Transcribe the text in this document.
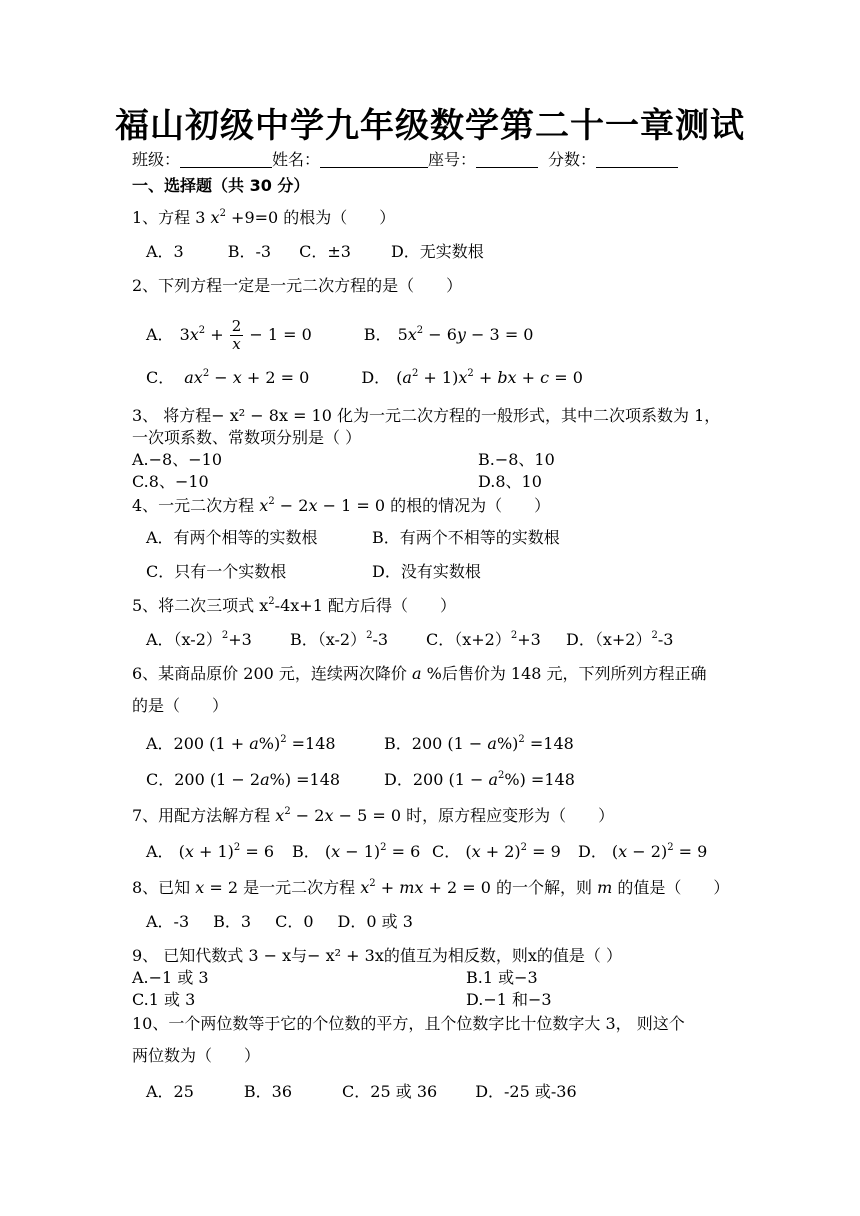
福山初级中学九年级数学第二十一章测试
班级：	姓名：	座号：	分数：
一、选择题（共 30 分）
1、方程 3 $x^2 +9=0$ 的根为（　　）
A．3	B．-3 C．±3	D．无实数根
2、下列方程一定是一元二次方程的是（　　）
A． $3x^2 + \frac{2}{x} - 1 = 0$	B． $5x^2 - 6y - 3 = 0$
C． $ax^2 - x + 2 = 0$	D． $(a^2 + 1)x^2$ + bx + c = 0
3、 将方程− x² − 8x = 10 化为一元二次方程的一般形式，其中二次项系数为 1，
一次项系数、常数项分别是（ ）
A.−8、−10	B.−8、10
C.8、−10	D.8、10
4、一元二次方程 $x^2 - 2x - 1 = 0$ 的根的情况为（　　）
A．有两个相等的实数根	B．有两个不相等的实数根
C．只有一个实数根	D．没有实数根
5、将二次三项式 $x^2-4x+1$ 配方后得（　　）
A．$(x-2)^2+3$ B．$(x-2)^2-3$ C．$(x+2)^2+3$ D．$(x+2)^2-3$
6、某商品原价 200 元，连续两次降价 a %后售价为 148 元，下列所列方程正确
的是（　　）
A．200 $(1 + a\%)^2 =148$	B．200 $(1 - a\%)^2 =148$
C．200 (1 − 2a%) =148	D．200 $(1 - a^2\%) =148$
7、用配方法解方程 $x^2 - 2x - 5 = 0$ 时，原方程应变形为（　　）
A． $(x + 1)^2 = 6$ B． $(x - 1)^2 = 6$ C． $(x + 2)^2 = 9$ D． $(x - 2)^2 = 9$
8、已知 x = 2 是一元二次方程 $x^2$ + mx + 2 = 0 的一个解，则 m 的值是（　　）
A．-3 B．3 C．0 D．0 或 3
9、 已知代数式 3 − x与− x² + 3x的值互为相反数，则x的值是（ ）
A.−1 或 3	B.1 或−3
C.1 或 3	D.−1 和−3
10、一个两位数等于它的个位数的平方，且个位数字比十位数字大 3， 则这个
两位数为（　　）
A．25	B．36	C．25 或 36 D．-25 或-36
